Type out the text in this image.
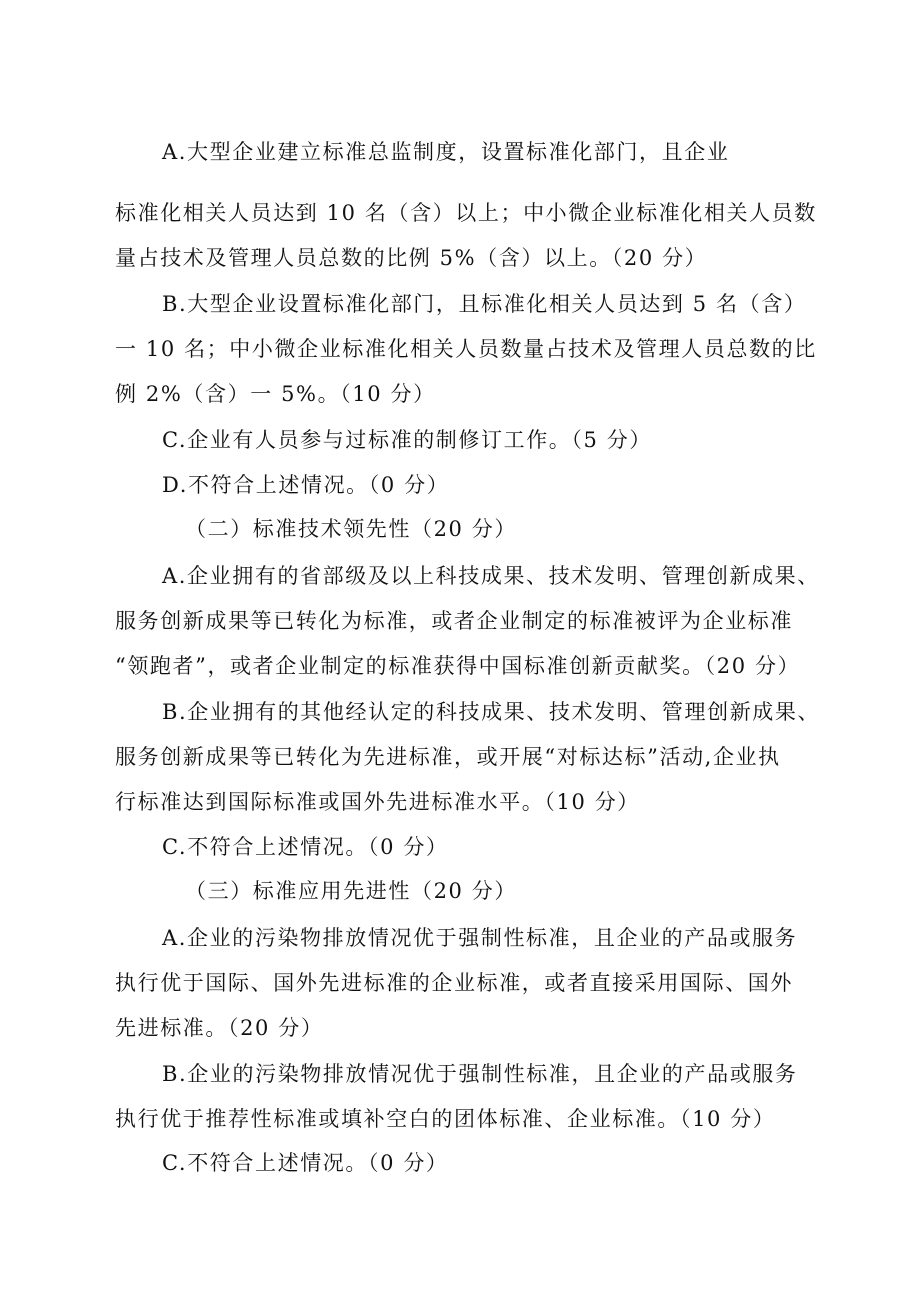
A.大型企业建立标准总监制度，设置标准化部门，且企业
标准化相关人员达到 10 名（含）以上；中小微企业标准化相关人员数
量占技术及管理人员总数的比例 5%（含）以上。（20 分）
B.大型企业设置标准化部门，且标准化相关人员达到 5 名（含）
一 10 名；中小微企业标准化相关人员数量占技术及管理人员总数的比
例 2%（含）一 5%。（10 分）
C.企业有人员参与过标准的制修订工作。（5 分）
D.不符合上述情况。（0 分）
（二）标准技术领先性（20 分）
A.企业拥有的省部级及以上科技成果、技术发明、管理创新成果、
服务创新成果等已转化为标准，或者企业制定的标准被评为企业标准
“领跑者”，或者企业制定的标准获得中国标准创新贡献奖。（20 分）
B.企业拥有的其他经认定的科技成果、技术发明、管理创新成果、
服务创新成果等已转化为先进标准，或开展“对标达标”活动,企业执
行标准达到国际标准或国外先进标准水平。（10 分）
C.不符合上述情况。（0 分）
（三）标准应用先进性（20 分）
A.企业的污染物排放情况优于强制性标准，且企业的产品或服务
执行优于国际、国外先进标准的企业标准，或者直接采用国际、国外
先进标准。（20 分）
B.企业的污染物排放情况优于强制性标准，且企业的产品或服务
执行优于推荐性标准或填补空白的团体标准、企业标准。（10 分）
C.不符合上述情况。（0 分）
